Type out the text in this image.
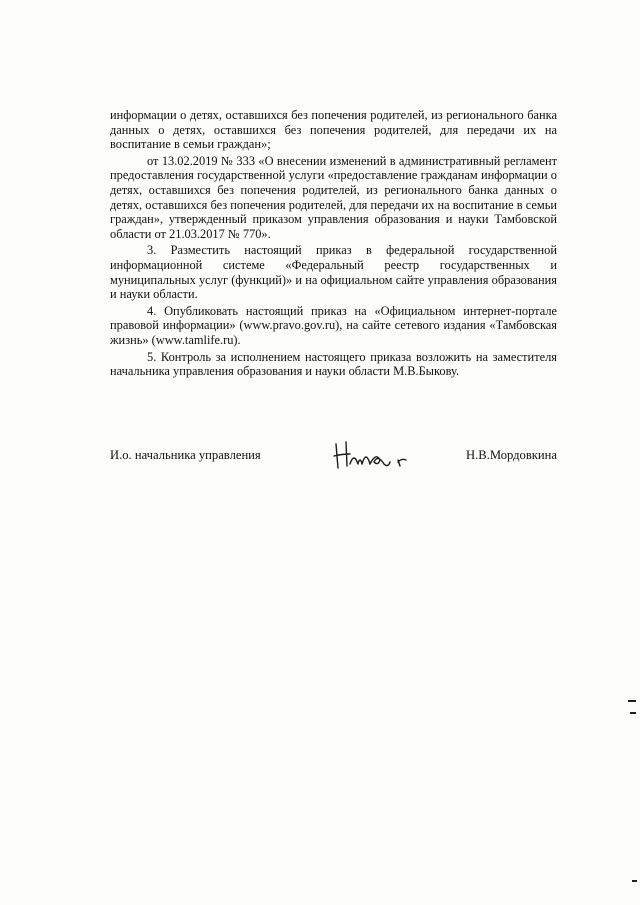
информации о детях, оставшихся без попечения родителей, из регионального банка данных о детях, оставшихся без попечения родителей, для передачи их на воспитание в семьи граждан»;

от 13.02.2019 № 333 «О внесении изменений в административный регламент предоставления государственной услуги «предоставление гражданам информации о детях, оставшихся без попечения родителей, из регионального банка данных о детях, оставшихся без попечения родителей, для передачи их на воспитание в семьи граждан», утвержденный приказом управления образования и науки Тамбовской области от 21.03.2017 № 770».

3. Разместить настоящий приказ в федеральной государственной информационной системе «Федеральный реестр государственных и муниципальных услуг (функций)» и на официальном сайте управления образования и науки области.

4. Опубликовать настоящий приказ на «Официальном интернет-портале правовой информации» (www.pravo.gov.ru), на сайте сетевого издания «Тамбовская жизнь» (www.tamlife.ru).

5. Контроль за исполнением настоящего приказа возложить на заместителя начальника управления образования и науки области М.В.Быкову.

И.о. начальника управления	Н.В.Мордовкина
